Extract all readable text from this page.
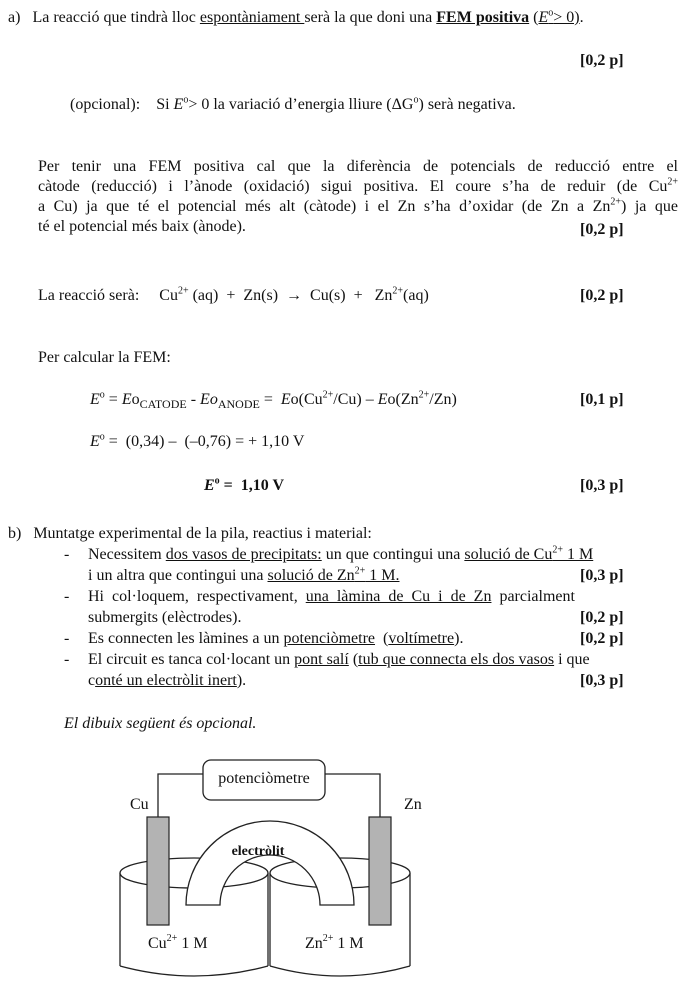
a) La reacció que tindrà lloc espontàniament serà la que doni una FEM positiva $(E^o> 0)$.
[0,2 p]
(opcional): Si $E^o> 0$ la variació d’energia lliure $(\Delta G^o)$ serà negativa.
Per tenir una FEM positiva cal que la diferència de potencials de reducció entre el
càtode (reducció) i l’ànode (oxidació) sigui positiva. El coure s’ha de reduir (de $Cu^{2+}$
a Cu) ja que té el potencial més alt (càtode) i el Zn s’ha d’oxidar (de Zn a $Zn^{2+}$) ja que
té el potencial més baix (ànode).	[0,2 p]
La reacció serà: $Cu^{2+}$ $(aq) + Zn(s) \to Cu(s) + Zn^{2+}(aq)$	[0,2 p]
Per calcular la FEM:
$E^o = Eo_{CATODE} - Eo_{ANODE} = Eo(Cu^{2+}/Cu) - Eo(Zn^{2+}/Zn)$	[0,1 p]
$E^o = (0,34) - (-0,76)$ = + 1,10 V
$E^o = 1,10$ V	[0,3 p]
b) Muntatge experimental de la pila, reactius i material:
- Necessitem dos vasos de precipitats: un que contingui una solució de $Cu^{2+}$ 1 M
i un altra que contingui una solució de $Zn^{2+}$ 1 M.	[0,3 p]
- Hi  col·loquem,  respectivament,  una  làmina  de  Cu  i  de  Zn  parcialment
submergits (elèctrodes).	[0,2 p]
- Es connecten les làmines a un potenciòmetre  (voltímetre).	[0,2 p]
- El circuit es tanca col·locant un pont salí (tub que connecta els dos vasos i que
conté un electròlit inert).	[0,3 p]
El dibuix següent és opcional.
potenciòmetre
Cu	Zn
electròlit
$Cu^{2+}$ 1 M	$Zn^{2+}$ 1 M
